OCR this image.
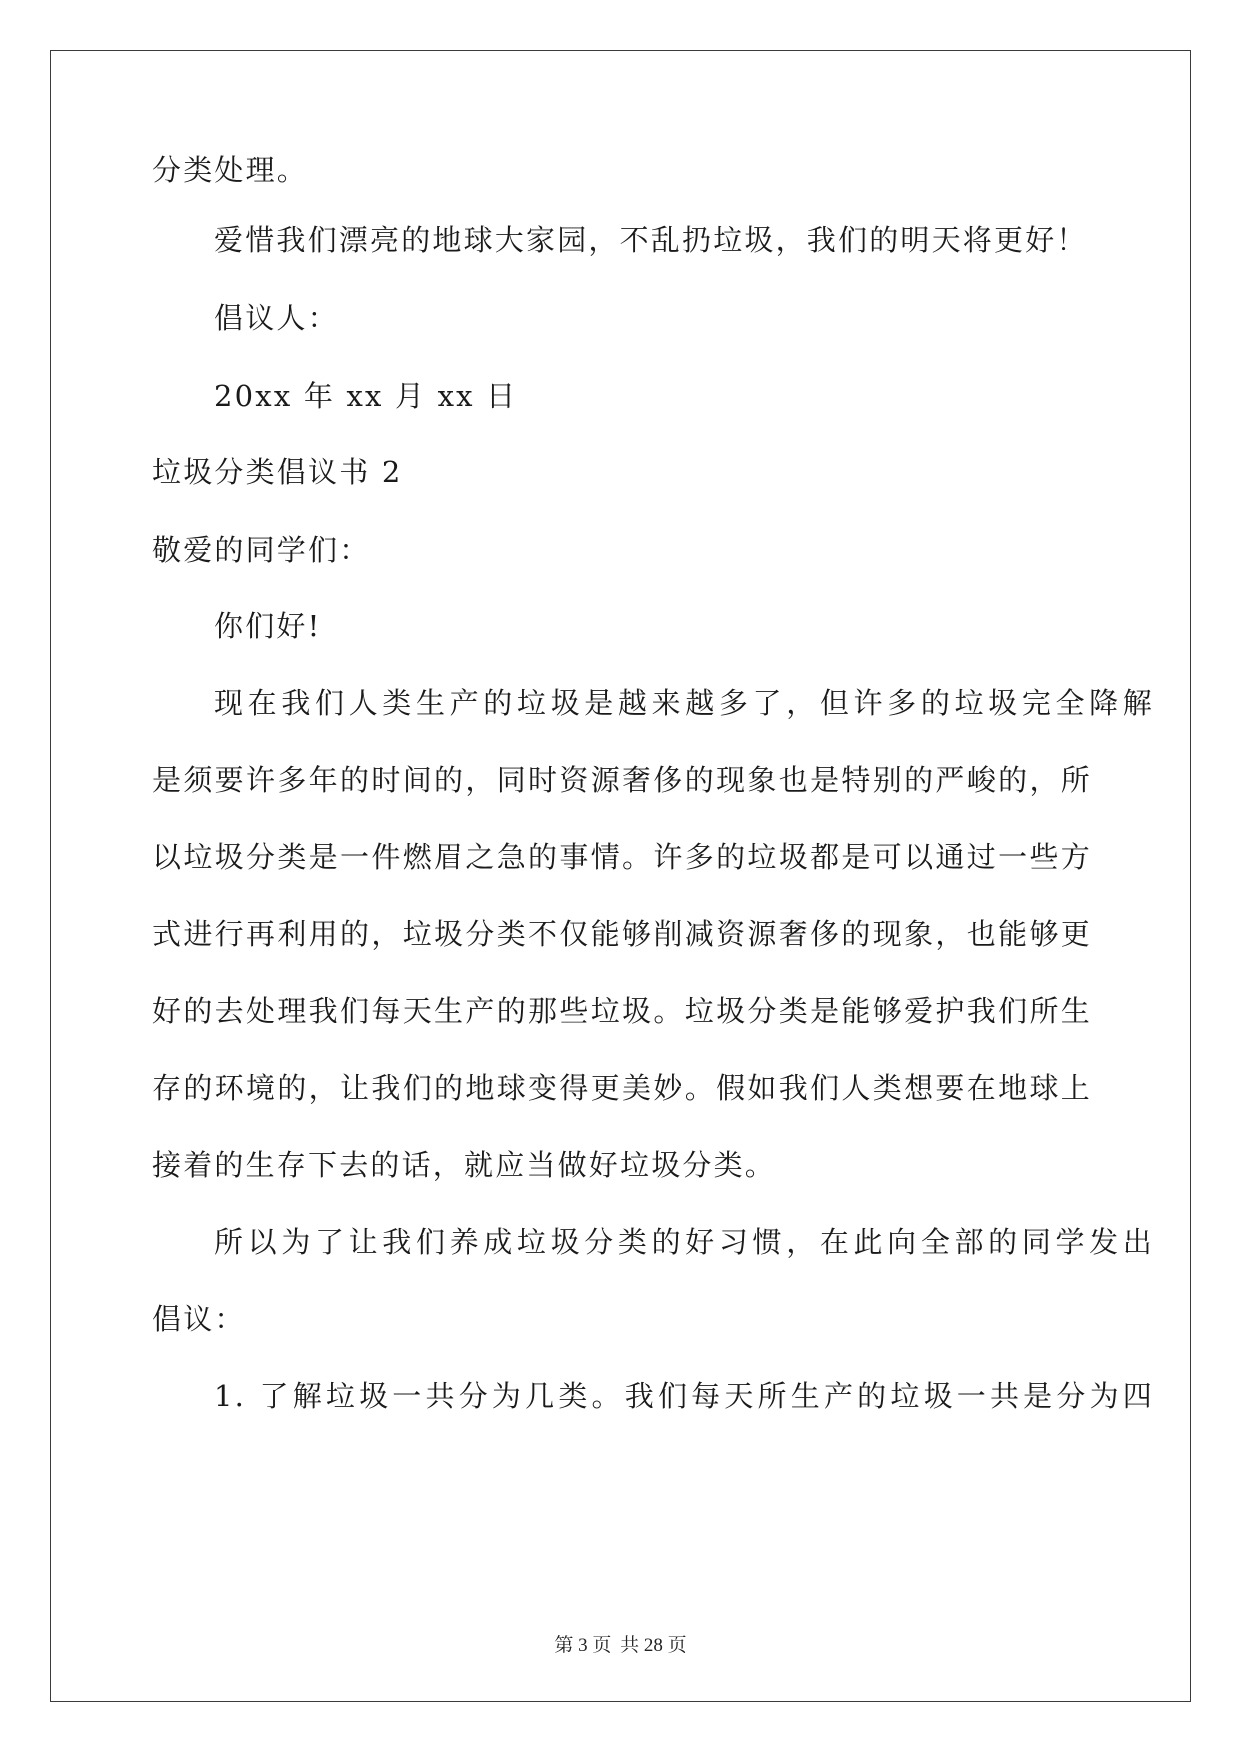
分类处理。
爱惜我们漂亮的地球大家园，不乱扔垃圾，我们的明天将更好！
倡议人：
20xx 年 xx 月 xx 日
垃圾分类倡议书 2
敬爱的同学们：
你们好!
现在我们人类生产的垃圾是越来越多了，但许多的垃圾完全降解
是须要许多年的时间的，同时资源奢侈的现象也是特别的严峻的，所
以垃圾分类是一件燃眉之急的事情。许多的垃圾都是可以通过一些方
式进行再利用的，垃圾分类不仅能够削减资源奢侈的现象，也能够更
好的去处理我们每天生产的那些垃圾。垃圾分类是能够爱护我们所生
存的环境的，让我们的地球变得更美妙。假如我们人类想要在地球上
接着的生存下去的话，就应当做好垃圾分类。
所以为了让我们养成垃圾分类的好习惯，在此向全部的同学发出
倡议：
1. 了解垃圾一共分为几类。我们每天所生产的垃圾一共是分为四
第 3 页 共 28 页
